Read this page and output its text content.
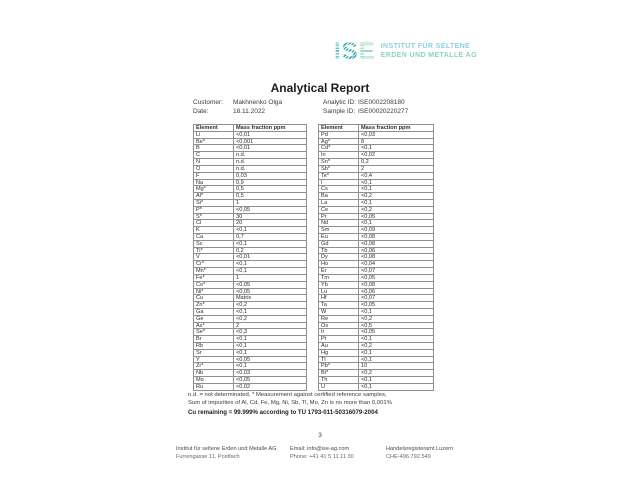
ISE INSTITUT FÜR SELTENE
ERDEN UND METALLE AG
Analytical Report
Customer:	Makhnenko Olga
Date:	18.11.2022
Analytic ID: ISE0002208180
Sample ID: ISE00020220277
Element	Mass fraction ppm
Li	<0,01
Be*	<0,001
B	<0,01
C	n.d.
N	n.d.
O	n.d.
F	0,03
Na	0,9
Mg*	0,5
Al*	0,5
Si*	1
P*	<0,05
S*	30
Cl	20
K	<0,1
Ca	0,7
Sc	<0,1
Ti*	0,2
V	<0,01
Cr*	<0,1
Mn*	<0,1
Fe*	1
Co*	<0,05
Ni*	<0,05
Cu	Matrix
Zn*	<0,2
Ga	<0,1
Ge	<0,2
As*	2
Se*	<0,3
Br	<0,1
Rb	<0,1
Sr	<0,1
Y	<0,05
Zr*	<0,1
Nb	<0,03
Mo	<0,05
Ru	<0,02
Element	Mass fraction ppm
Pd	<0,03
Ag*	8
Cd*	<0,1
In	<0,02
Sn*	0,2
Sb*	2
Te*	<0,4
I	<0,1
Cs	<0,1
Ba	<0,2
La	<0,1
Ce	<0,2
Pr	<0,05
Nd	<0,1
Sm	<0,09
Eu	<0,08
Gd	<0,08
Tb	<0,06
Dy	<0,08
Ho	<0,04
Er	<0,07
Tm	<0,05
Yb	<0,08
Lu	<0,06
Hf	<0,07
Ta	<0,05
W	<0,1
Re	<0,2
Os	<0,5
Ir	<0,05
Pt	<0,1
Au	<0,2
Hg	<0,1
Tl	<0,1
Pb*	10
Bi*	<0,2
Th	<0,1
U	<0,1
n.d. = not determinated, * Measurement against certified reference samples,
Sum of impurities of Al, Cd, Fe, Mg, Ni, Sb, Tl, Mo, Zn is no more than 0,001%
Cu remaining = 99.999% according to TU 1793-011-50316079-2004
3
Institut für seltene Erden und Metalle AG
Furrengasse 11, Postfach
Email: info@ise-ag.com
Phone: +41 41 5 11 11 30
Handelsregisteramt Luzern
CHE-496.792.549
